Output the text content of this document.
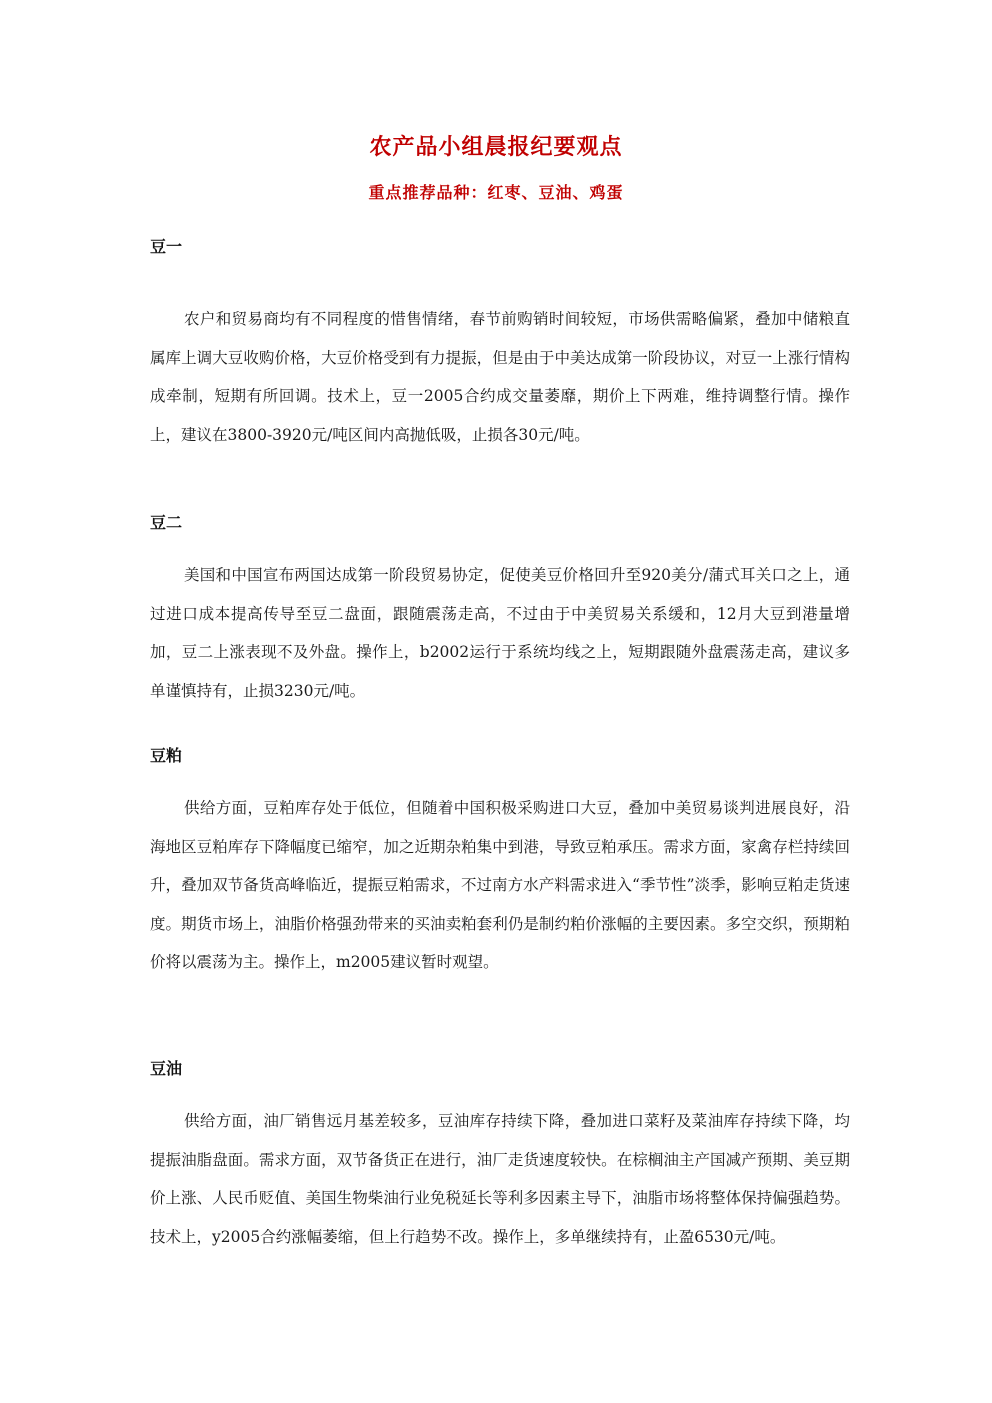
农产品小组晨报纪要观点
重点推荐品种：红枣、豆油、鸡蛋

豆一

农户和贸易商均有不同程度的惜售情绪，春节前购销时间较短，市场供需略偏紧，叠加中储粮直属库上调大豆收购价格，大豆价格受到有力提振，但是由于中美达成第一阶段协议，对豆一上涨行情构成牵制，短期有所回调。技术上，豆一2005合约成交量萎靡，期价上下两难，维持调整行情。操作上，建议在3800-3920元/吨区间内高抛低吸，止损各30元/吨。

豆二

美国和中国宣布两国达成第一阶段贸易协定，促使美豆价格回升至920美分/蒲式耳关口之上，通过进口成本提高传导至豆二盘面，跟随震荡走高，不过由于中美贸易关系缓和，12月大豆到港量增加，豆二上涨表现不及外盘。操作上，b2002运行于系统均线之上，短期跟随外盘震荡走高，建议多单谨慎持有，止损3230元/吨。

豆粕

供给方面，豆粕库存处于低位，但随着中国积极采购进口大豆，叠加中美贸易谈判进展良好，沿海地区豆粕库存下降幅度已缩窄，加之近期杂粕集中到港，导致豆粕承压。需求方面，家禽存栏持续回升，叠加双节备货高峰临近，提振豆粕需求，不过南方水产料需求进入“季节性”淡季，影响豆粕走货速度。期货市场上，油脂价格强劲带来的买油卖粕套利仍是制约粕价涨幅的主要因素。多空交织，预期粕价将以震荡为主。操作上，m2005建议暂时观望。

豆油

供给方面，油厂销售远月基差较多，豆油库存持续下降，叠加进口菜籽及菜油库存持续下降，均提振油脂盘面。需求方面，双节备货正在进行，油厂走货速度较快。在棕榈油主产国减产预期、美豆期价上涨、人民币贬值、美国生物柴油行业免税延长等利多因素主导下，油脂市场将整体保持偏强趋势。技术上，y2005合约涨幅萎缩，但上行趋势不改。操作上，多单继续持有，止盈6530元/吨。
